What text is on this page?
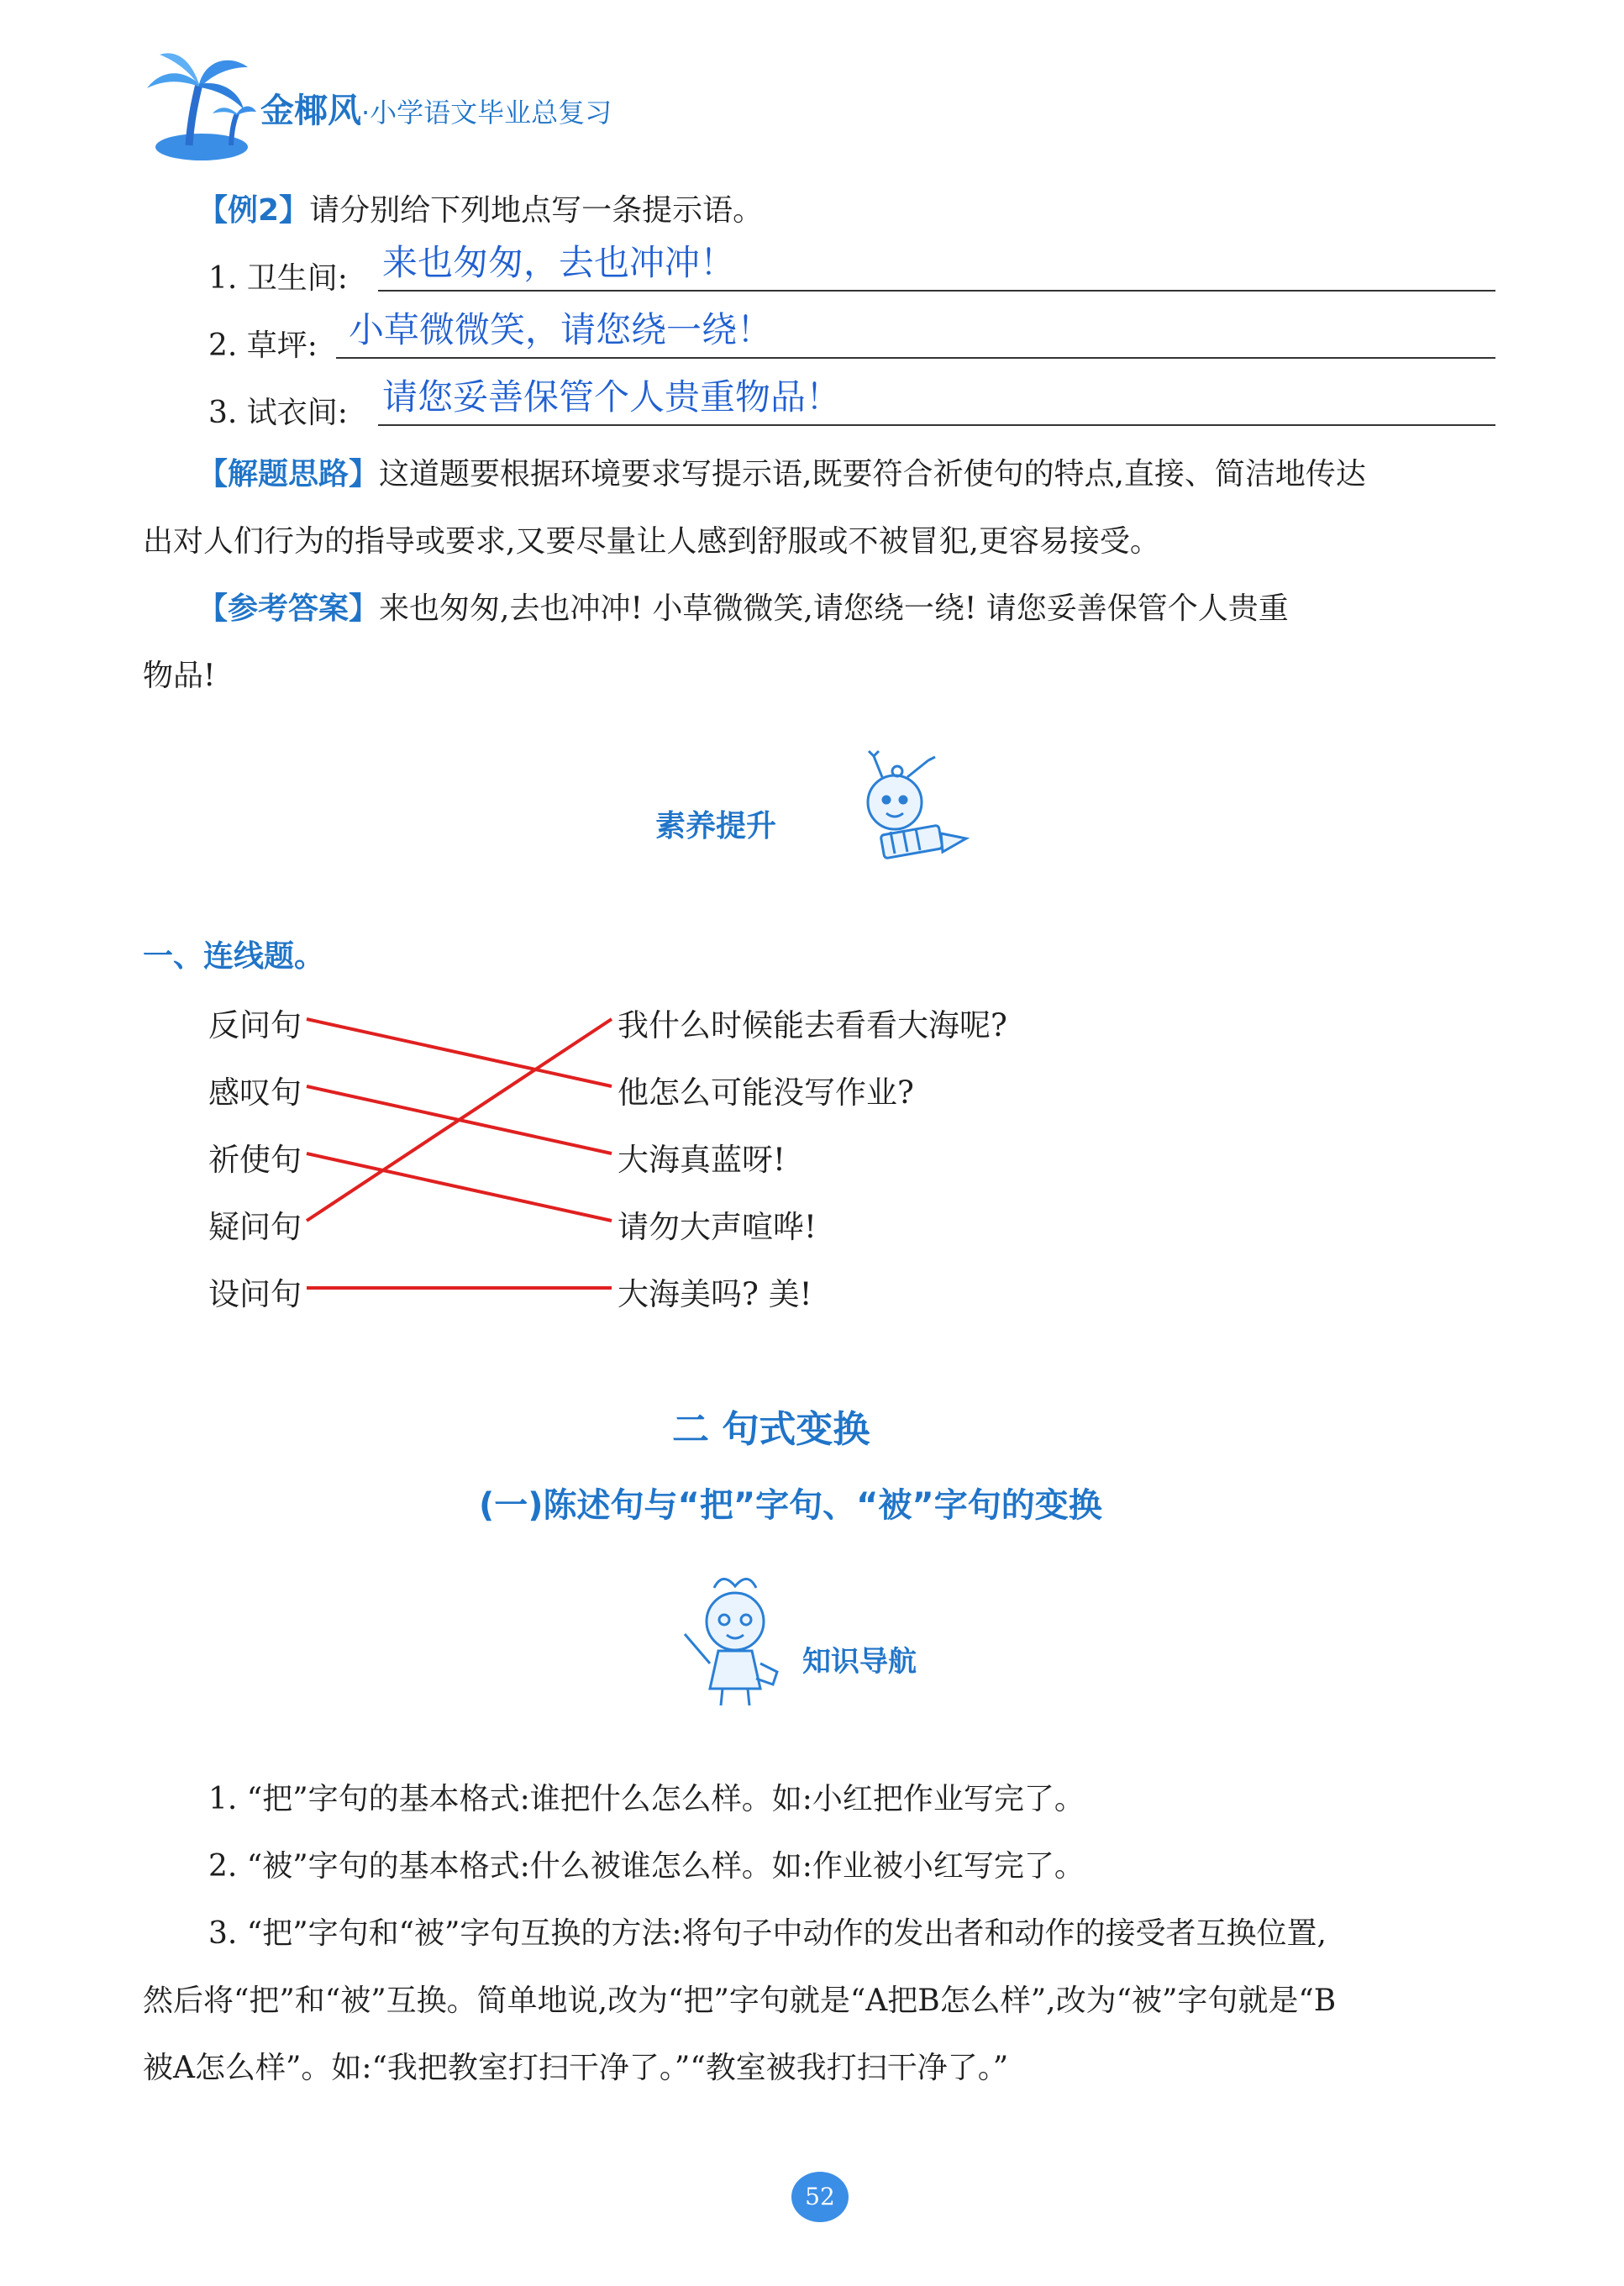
金椰风·小学语文毕业总复习
【例2】请分别给下列地点写一条提示语。
1. 卫生间: 来也匆匆，去也冲冲！
2. 草坪: 小草微微笑，请您绕一绕！
3. 试衣间: 请您妥善保管个人贵重物品！
【解题思路】这道题要根据环境要求写提示语,既要符合祈使句的特点,直接、简洁地传达
出对人们行为的指导或要求,又要尽量让人感到舒服或不被冒犯,更容易接受。
【参考答案】来也匆匆,去也冲冲! 小草微微笑,请您绕一绕! 请您妥善保管个人贵重
物品!
素养提升
一、连线题。
反问句
感叹句
祈使句
疑问句
设问句
我什么时候能去看看大海呢?
他怎么可能没写作业?
大海真蓝呀!
请勿大声喧哗!
大海美吗? 美!
二 句式变换
(一)陈述句与“把”字句、“被”字句的变换
知识导航
1. “把”字句的基本格式:谁把什么怎么样。如:小红把作业写完了。
2. “被”字句的基本格式:什么被谁怎么样。如:作业被小红写完了。
3. “把”字句和“被”字句互换的方法:将句子中动作的发出者和动作的接受者互换位置,
然后将“把”和“被”互换。简单地说,改为“把”字句就是“A把B怎么样”,改为“被”字句就是“B
被A怎么样”。如:“我把教室打扫干净了。”“教室被我打扫干净了。”
52
